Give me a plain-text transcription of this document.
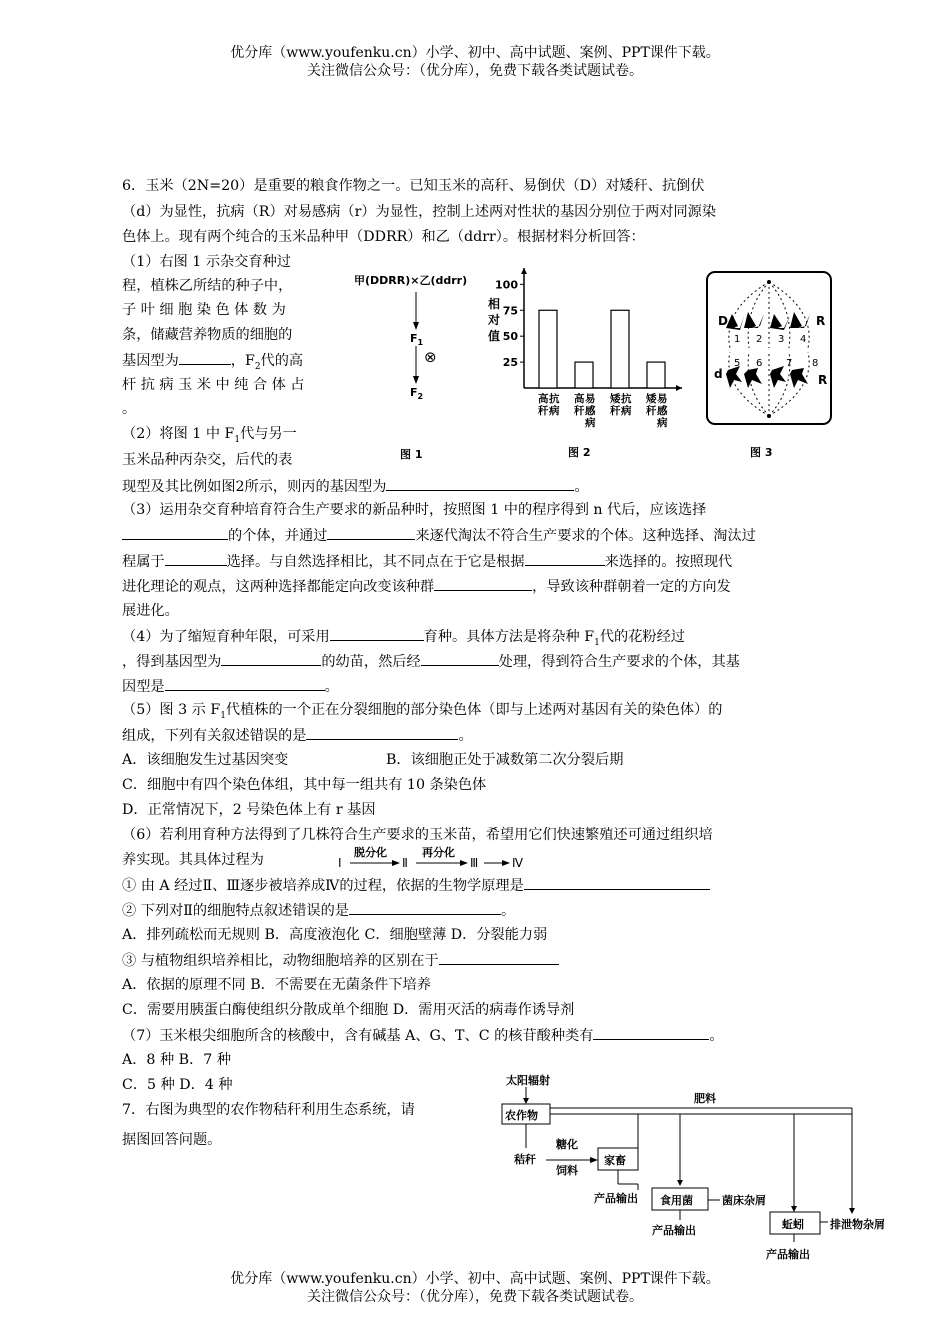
优分库（www.youfenku.cn）小学、初中、高中试题、案例、PPT课件下载。
关注微信公众号：（优分库），免费下载各类试题试卷。
6．玉米（2N=20）是重要的粮食作物之一。已知玉米的高秆、易倒伏（D）对矮秆、抗倒伏
（d）为显性，抗病（R）对易感病（r）为显性，控制上述两对性状的基因分别位于两对同源染
色体上。现有两个纯合的玉米品种甲（DDRR）和乙（ddrr）。根据材料分析回答：
（1）右图 1 示杂交育种过
程，植株乙所结的种子中，
子 叶 细 胞 染 色 体 数 为
条，储藏营养物质的细胞的
基因型为	，$F_2$代的高
杆 抗 病 玉 米 中 纯 合 体 占
。
（2）将图 1 中 $F_1$代与另一
玉米品种丙杂交，后代的表
现型及其比例如图2所示，则丙的基因型为	。
（3）运用杂交育种培育符合生产要求的新品种时，按照图 1 中的程序得到 n 代后，应该选择
的个体，并通过	来逐代淘汰不符合生产要求的个体。这种选择、淘汰过
程属于	选择。与自然选择相比，其不同点在于它是根据	来选择的。按照现代
进化理论的观点，这两种选择都能定向改变该种群	，导致该种群朝着一定的方向发
展进化。
（4）为了缩短育种年限，可采用	育种。具体方法是将杂种 $F_1$代的花粉经过
，得到基因型为	的幼苗，然后经	处理，得到符合生产要求的个体，其基
因型是	。
（5）图 3 示 $F_1$代植株的一个正在分裂细胞的部分染色体（即与上述两对基因有关的染色体）的
组成，下列有关叙述错误的是	。
A．该细胞发生过基因突变	B．该细胞正处于减数第二次分裂后期
C．细胞中有四个染色体组，其中每一组共有 10 条染色体
D．正常情况下，2 号染色体上有 r 基因
（6）若利用育种方法得到了几株符合生产要求的玉米苗，希望用它们快速繁殖还可通过组织培
养实现。其具体过程为	Ⅰ
脱分化
Ⅱ
再分化
Ⅲ	Ⅳ
① 由 A 经过Ⅱ、Ⅲ逐步被培养成Ⅳ的过程，依据的生物学原理是
② 下列对Ⅱ的细胞特点叙述错误的是	。
A．排列疏松而无规则 B．高度液泡化 C．细胞壁薄 D．分裂能力弱
③ 与植物组织培养相比，动物细胞培养的区别在于
A．依据的原理不同 B．不需要在无菌条件下培养
C．需要用胰蛋白酶使组织分散成单个细胞 D．需用灭活的病毒作诱导剂
（7）玉米根尖细胞所含的核酸中，含有碱基 A、G、T、C 的核苷酸种类有	。
A．8 种 B．7 种
C．5 种 D．4 种
7．右图为典型的农作物秸秆利用生态系统，请
据图回答问题。
甲(DDRR)×乙(ddrr)
$F_1$
⊗
$F_2$
图 1
相
对
值
25
50
75
100
高
秆
抗
病
高
秆
易
感
病
矮
秆
抗
病
矮
秆
易
感
病
图 2
D	R
d	R
1 2 3 4
5 6 7 8
图 3
太阳辐射
农作物
肥料
秸秆
糖化
饲料
家畜
产品输出 食用菌	菌床杂屑
产品输出	蚯蚓 排泄物杂屑
产品输出
优分库（www.youfenku.cn）小学、初中、高中试题、案例、PPT课件下载。
关注微信公众号：（优分库），免费下载各类试题试卷。
